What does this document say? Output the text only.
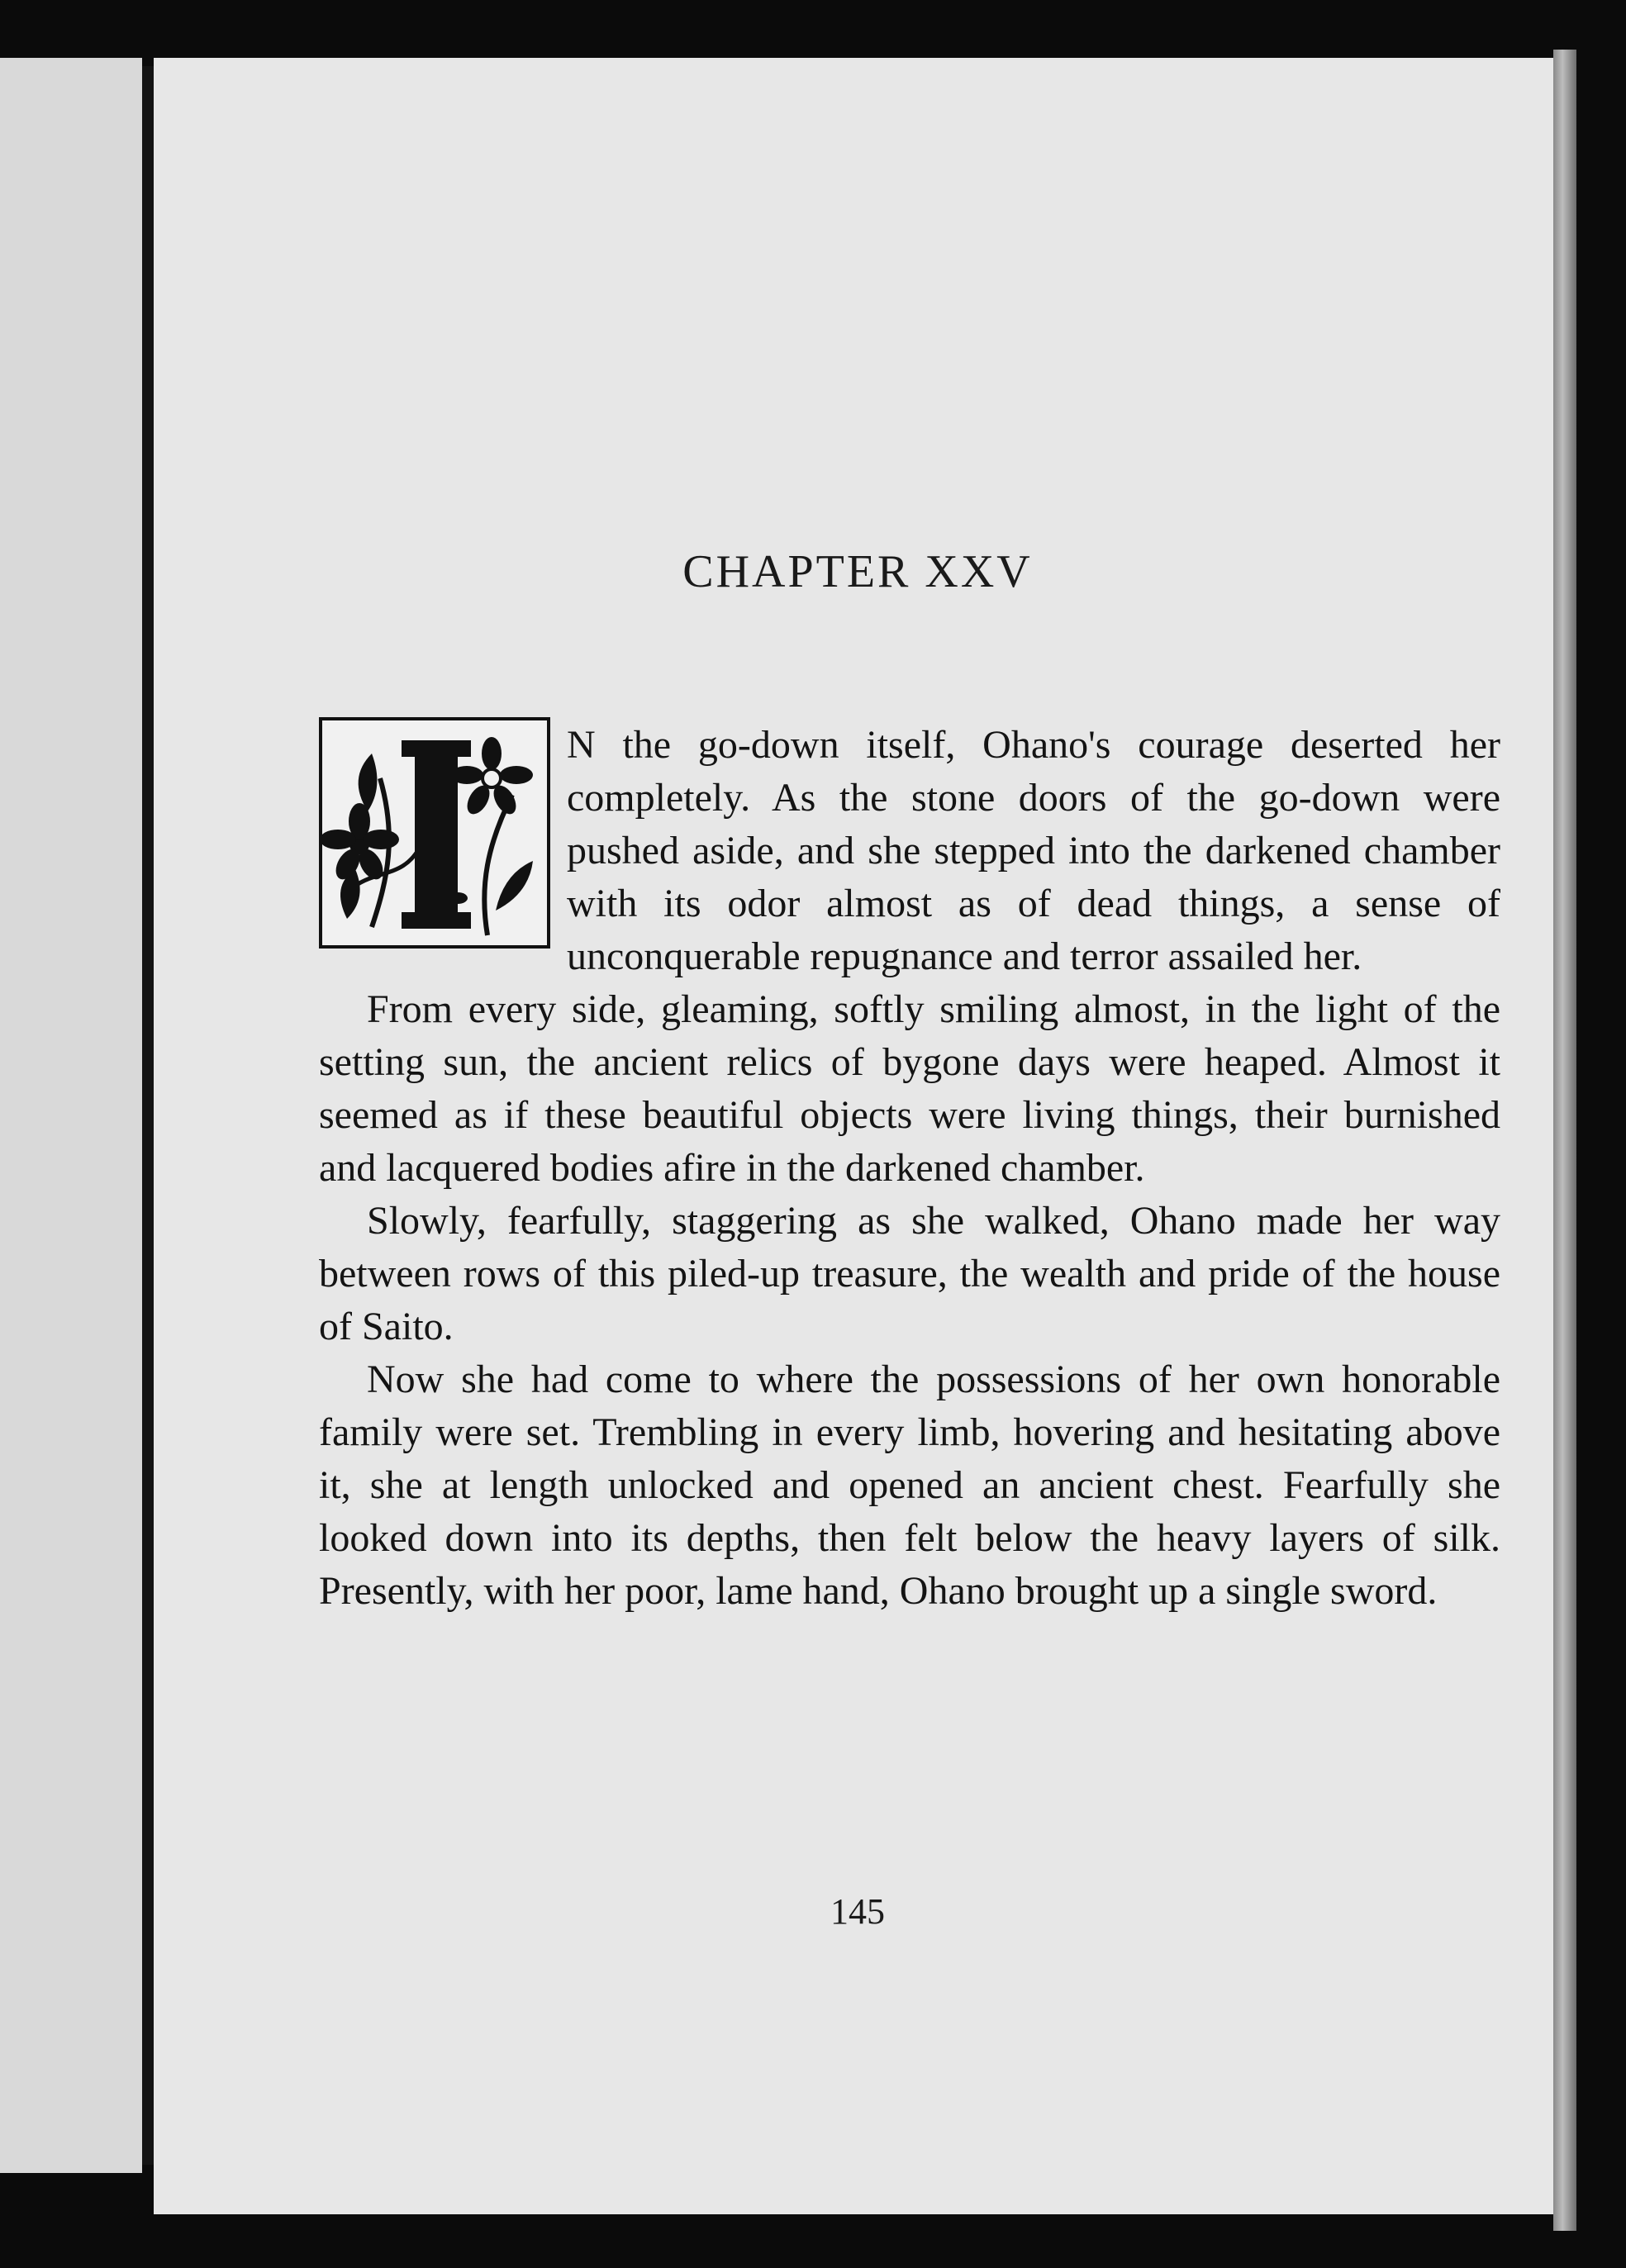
CHAPTER XXV

I
N the go-down itself, Ohano's courage deserted her completely. As the stone doors of the go-down were pushed aside, and she stepped into the darkened chamber with its odor almost as of dead things, a sense of unconquerable repugnance and terror assailed her.

From every side, gleaming, softly smiling almost, in the light of the setting sun, the ancient relics of bygone days were heaped. Almost it seemed as if these beautiful objects were living things, their burnished and lacquered bodies afire in the darkened chamber.

Slowly, fearfully, staggering as she walked, Ohano made her way between rows of this piled-up treasure, the wealth and pride of the house of Saito.

Now she had come to where the possessions of her own honorable family were set. Trembling in every limb, hovering and hesitating above it, she at length unlocked and opened an ancient chest. Fearfully she looked down into its depths, then felt below the heavy layers of silk. Presently, with her poor, lame hand, Ohano brought up a single sword.

145
